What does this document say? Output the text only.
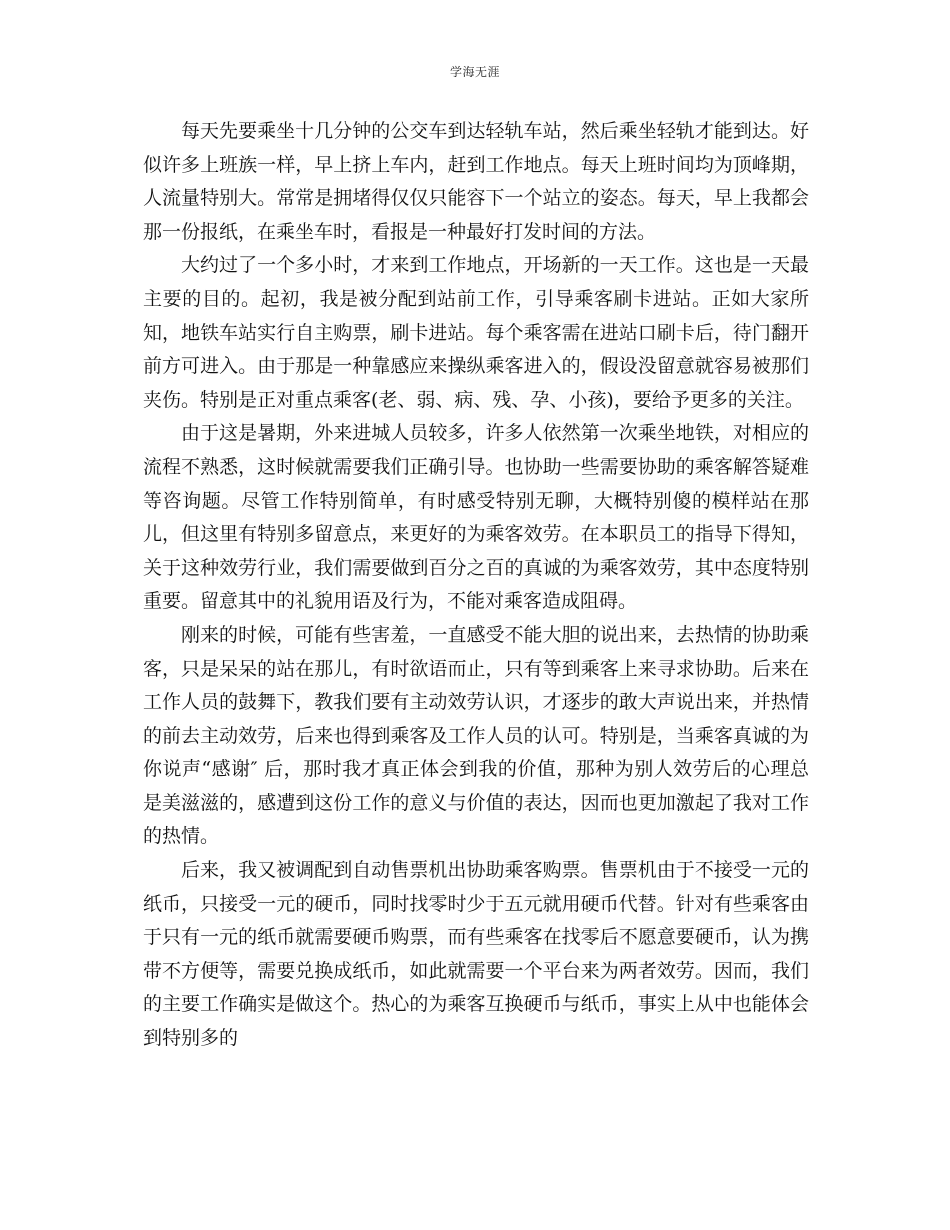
学海无涯

每天先要乘坐十几分钟的公交车到达轻轨车站，然后乘坐轻轨才能到达。好似许多上班族一样，早上挤上车内，赶到工作地点。每天上班时间均为顶峰期，人流量特别大。常常是拥堵得仅仅只能容下一个站立的姿态。每天，早上我都会那一份报纸，在乘坐车时，看报是一种最好打发时间的方法。

大约过了一个多小时，才来到工作地点，开场新的一天工作。这也是一天最主要的目的。起初，我是被分配到站前工作，引导乘客刷卡进站。正如大家所知，地铁车站实行自主购票，刷卡进站。每个乘客需在进站口刷卡后，待门翻开前方可进入。由于那是一种靠感应来操纵乘客进入的，假设没留意就容易被那们夹伤。特别是正对重点乘客(老、弱、病、残、孕、小孩)，要给予更多的关注。

由于这是暑期，外来进城人员较多，许多人依然第一次乘坐地铁，对相应的流程不熟悉，这时候就需要我们正确引导。也协助一些需要协助的乘客解答疑难等咨询题。尽管工作特别简单，有时感受特别无聊，大概特别傻的模样站在那儿，但这里有特别多留意点，来更好的为乘客效劳。在本职员工的指导下得知，关于这种效劳行业，我们需要做到百分之百的真诚的为乘客效劳，其中态度特别重要。留意其中的礼貌用语及行为，不能对乘客造成阻碍。

刚来的时候，可能有些害羞，一直感受不能大胆的说出来，去热情的协助乘客，只是呆呆的站在那儿，有时欲语而止，只有等到乘客上来寻求协助。后来在工作人员的鼓舞下，教我们要有主动效劳认识，才逐步的敢大声说出来，并热情的前去主动效劳，后来也得到乘客及工作人员的认可。特别是，当乘客真诚的为你说声“感谢″ 后，那时我才真正体会到我的价值，那种为别人效劳后的心理总是美滋滋的，感遭到这份工作的意义与价值的表达，因而也更加激起了我对工作的热情。

后来，我又被调配到自动售票机出协助乘客购票。售票机由于不接受一元的纸币，只接受一元的硬币，同时找零时少于五元就用硬币代替。针对有些乘客由于只有一元的纸币就需要硬币购票，而有些乘客在找零后不愿意要硬币，认为携带不方便等，需要兑换成纸币，如此就需要一个平台来为两者效劳。因而，我们的主要工作确实是做这个。热心的为乘客互换硬币与纸币，事实上从中也能体会到特别多的
